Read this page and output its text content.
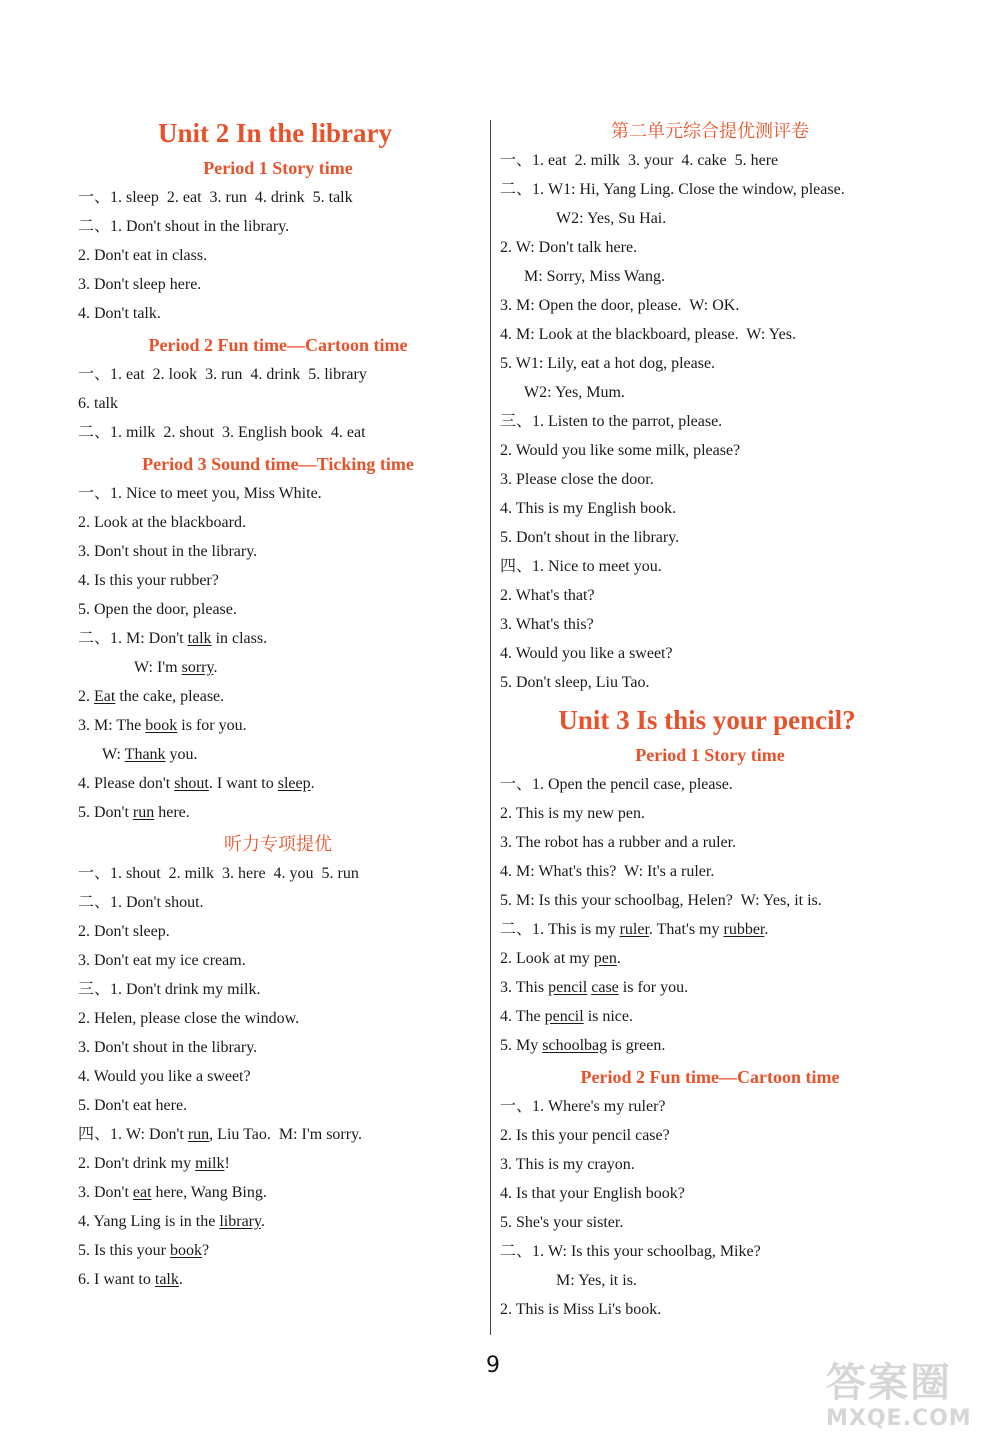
Unit 2 In the library
Period 1 Story time
一、1. sleep  2. eat  3. run  4. drink  5. talk
二、1. Don't shout in the library.
2. Don't eat in class.
3. Don't sleep here.
4. Don't talk.
Period 2 Fun time—Cartoon time
一、1. eat  2. look  3. run  4. drink  5. library
6. talk
二、1. milk  2. shout  3. English book  4. eat
Period 3 Sound time—Ticking time
一、1. Nice to meet you, Miss White.
2. Look at the blackboard.
3. Don't shout in the library.
4. Is this your rubber?
5. Open the door, please.
二、1. M: Don't talk in class.
W: I'm sorry.
2. Eat the cake, please.
3. M: The book is for you.
W: Thank you.
4. Please don't shout. I want to sleep.
5. Don't run here.
听力专项提优
一、1. shout  2. milk  3. here  4. you  5. run
二、1. Don't shout.
2. Don't sleep.
3. Don't eat my ice cream.
三、1. Don't drink my milk.
2. Helen, please close the window.
3. Don't shout in the library.
4. Would you like a sweet?
5. Don't eat here.
四、1. W: Don't run, Liu Tao.  M: I'm sorry.
2. Don't drink my milk!
3. Don't eat here, Wang Bing.
4. Yang Ling is in the library.
5. Is this your book?
6. I want to talk.
第二单元综合提优测评卷
一、1. eat  2. milk  3. your  4. cake  5. here
二、1. W1: Hi, Yang Ling. Close the window, please.
W2: Yes, Su Hai.
2. W: Don't talk here.
M: Sorry, Miss Wang.
3. M: Open the door, please.  W: OK.
4. M: Look at the blackboard, please.  W: Yes.
5. W1: Lily, eat a hot dog, please.
W2: Yes, Mum.
三、1. Listen to the parrot, please.
2. Would you like some milk, please?
3. Please close the door.
4. This is my English book.
5. Don't shout in the library.
四、1. Nice to meet you.
2. What's that?
3. What's this?
4. Would you like a sweet?
5. Don't sleep, Liu Tao.
Unit 3 Is this your pencil?
Period 1 Story time
一、1. Open the pencil case, please.
2. This is my new pen.
3. The robot has a rubber and a ruler.
4. M: What's this?  W: It's a ruler.
5. M: Is this your schoolbag, Helen?  W: Yes, it is.
二、1. This is my ruler. That's my rubber.
2. Look at my pen.
3. This pencil case is for you.
4. The pencil is nice.
5. My schoolbag is green.
Period 2 Fun time—Cartoon time
一、1. Where's my ruler?
2. Is this your pencil case?
3. This is my crayon.
4. Is that your English book?
5. She's your sister.
二、1. W: Is this your schoolbag, Mike?
M: Yes, it is.
2. This is Miss Li's book.
9	答案圈
MXQE.COM
